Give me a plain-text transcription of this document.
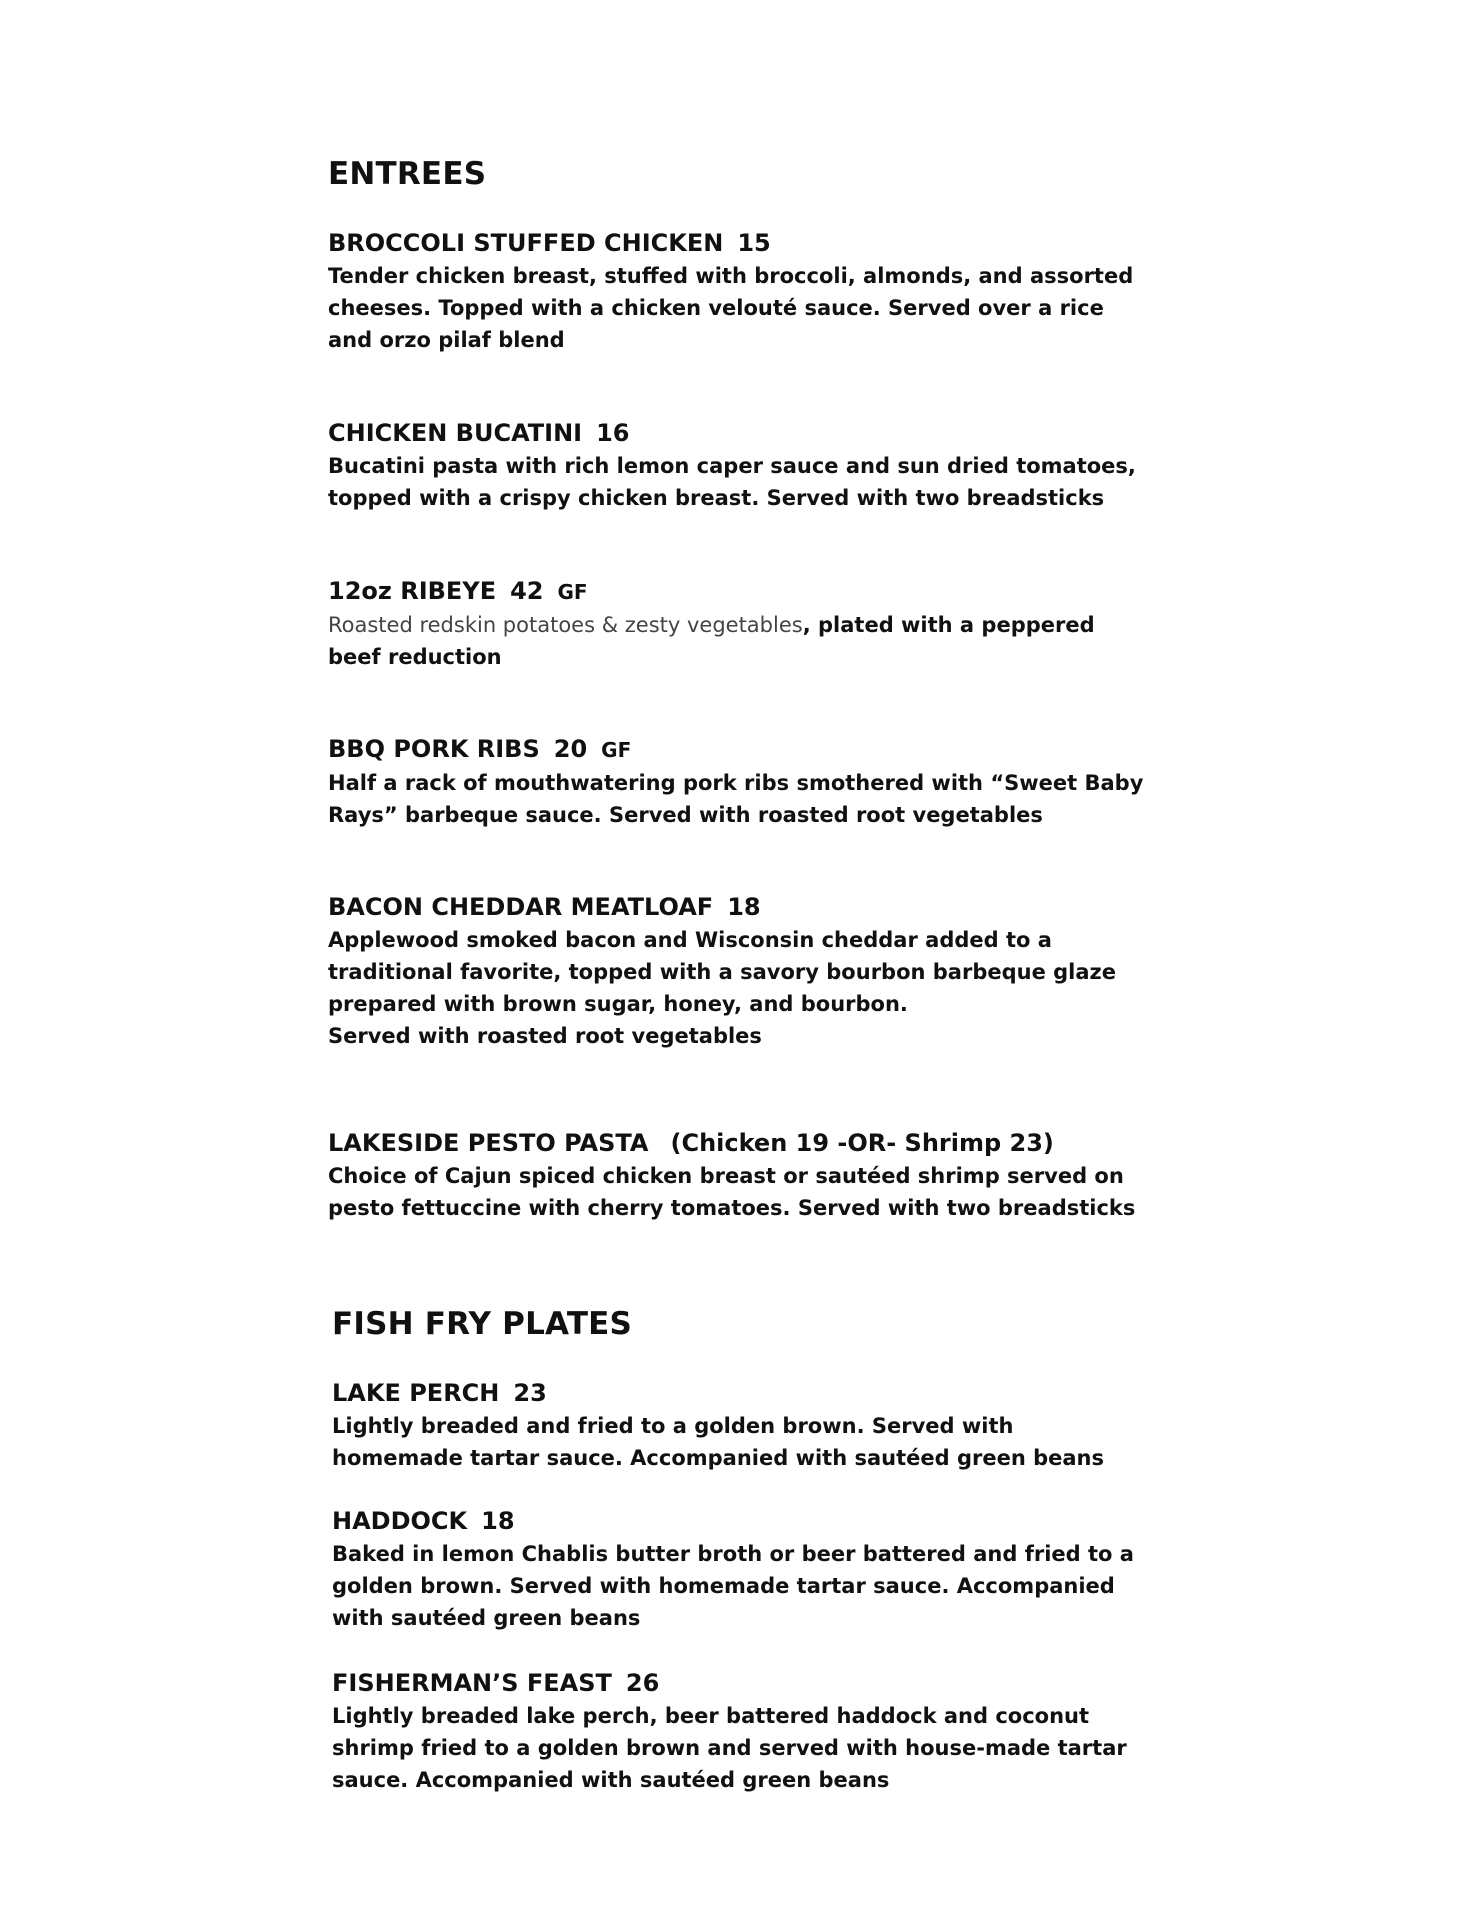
ENTREES
BROCCOLI STUFFED CHICKEN 15
Tender chicken breast, stuffed with broccoli, almonds, and assorted
cheeses. Topped with a chicken velouté sauce. Served over a rice
and orzo pilaf blend
CHICKEN BUCATINI 16
Bucatini pasta with rich lemon caper sauce and sun dried tomatoes,
topped with a crispy chicken breast. Served with two breadsticks
12oz RIBEYE 42 GF
Roasted redskin potatoes & zesty vegetables, plated with a peppered
beef reduction
BBQ PORK RIBS 20 GF
Half a rack of mouthwatering pork ribs smothered with “Sweet Baby
Rays” barbeque sauce. Served with roasted root vegetables
BACON CHEDDAR MEATLOAF 18
Applewood smoked bacon and Wisconsin cheddar added to a
traditional favorite, topped with a savory bourbon barbeque glaze
prepared with brown sugar, honey, and bourbon.
Served with roasted root vegetables
LAKESIDE PESTO PASTA (Chicken 19 -OR- Shrimp 23)
Choice of Cajun spiced chicken breast or sautéed shrimp served on
pesto fettuccine with cherry tomatoes. Served with two breadsticks
FISH FRY PLATES
LAKE PERCH 23
Lightly breaded and fried to a golden brown. Served with
homemade tartar sauce. Accompanied with sautéed green beans
HADDOCK 18
Baked in lemon Chablis butter broth or beer battered and fried to a
golden brown. Served with homemade tartar sauce. Accompanied
with sautéed green beans
FISHERMAN’S FEAST 26
Lightly breaded lake perch, beer battered haddock and coconut
shrimp fried to a golden brown and served with house-made tartar
sauce. Accompanied with sautéed green beans
